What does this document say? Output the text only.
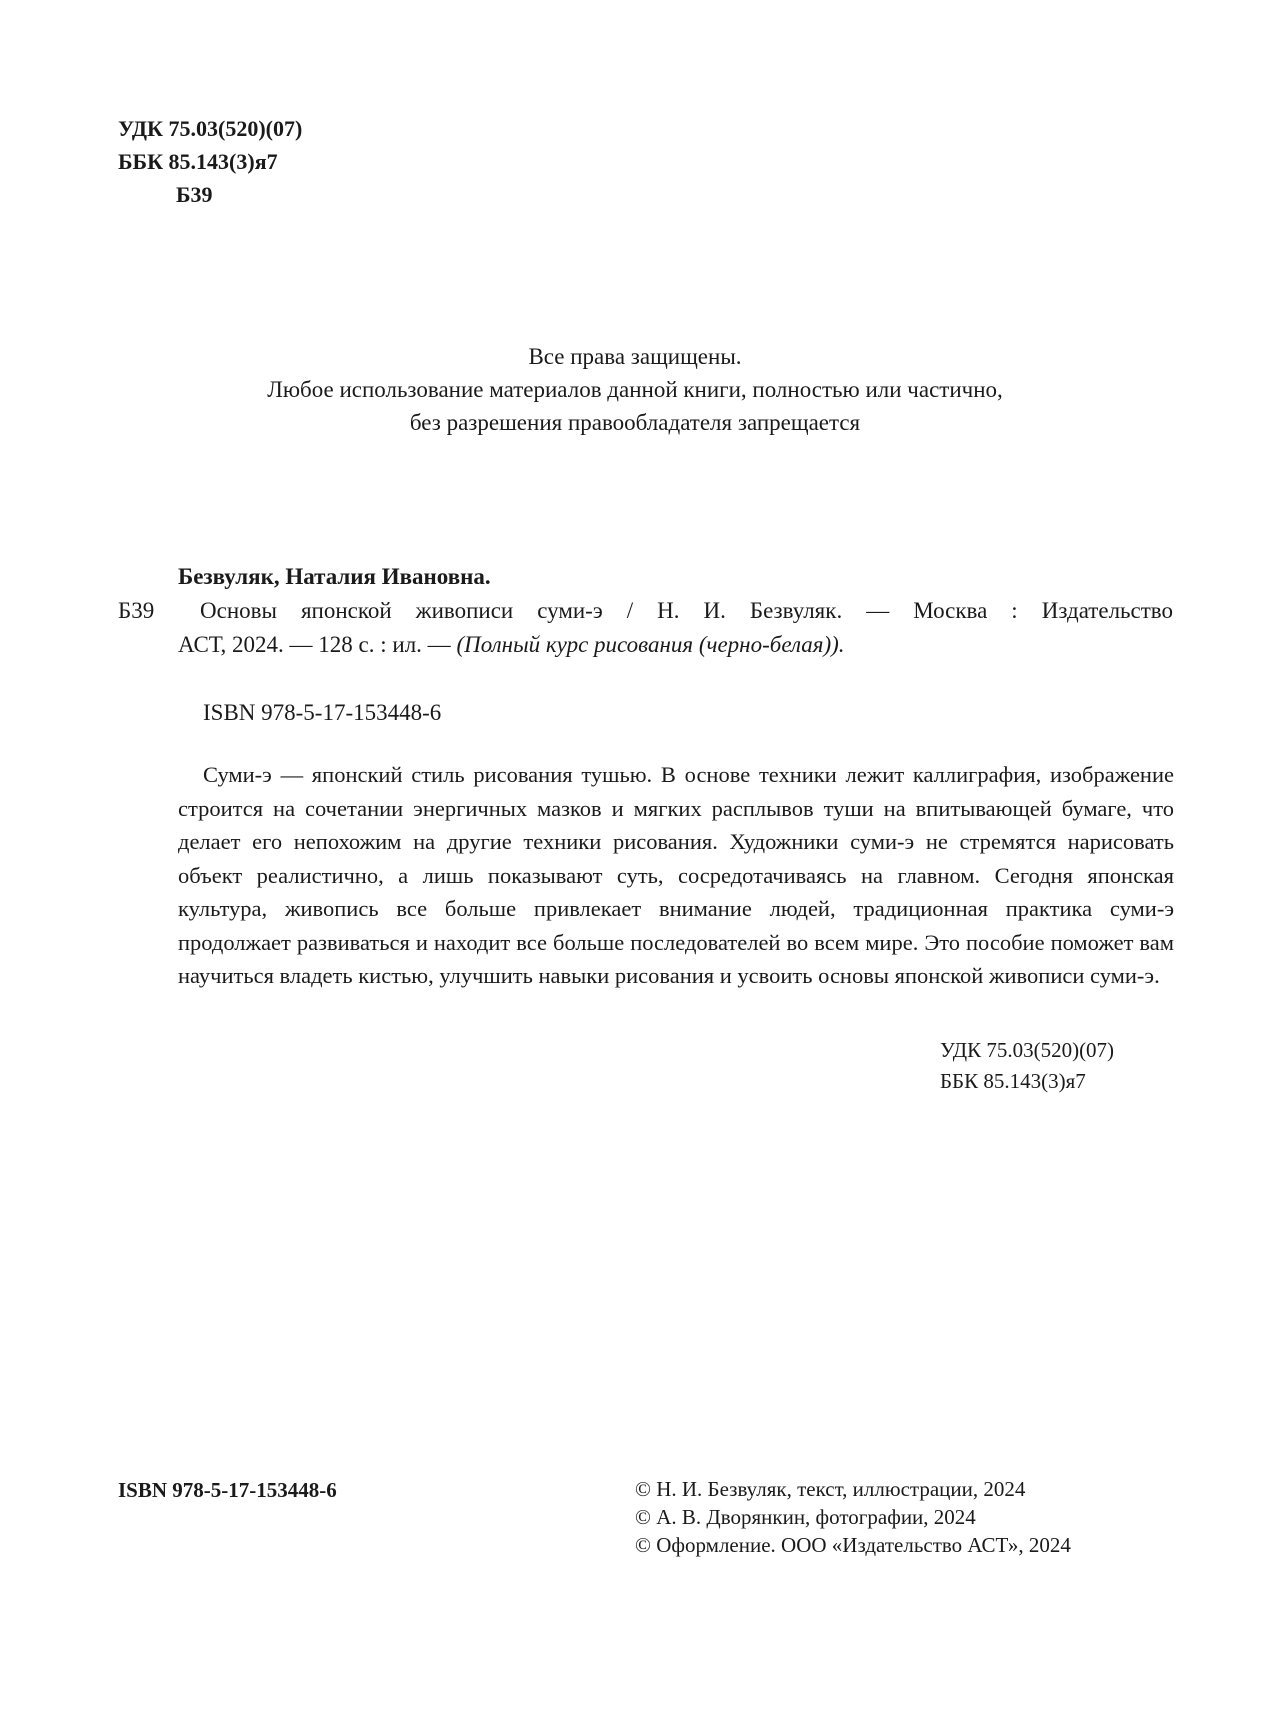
УДК 75.03(520)(07)
ББК 85.143(3)я7
Б39
Все права защищены.
Любое использование материалов данной книги, полностью или частично,
без разрешения правообладателя запрещается
Безвуляк, Наталия Ивановна.
Б39	Основы японской живописи суми-э / Н. И. Безвуляк. — Москва : Издательство
АСТ, 2024. — 128 с. : ил. — (Полный курс рисования (черно-белая)).
ISBN 978-5-17-153448-6
Суми-э — японский стиль рисования тушью. В основе техники лежит каллиграфия, изображение строится на сочетании энергичных мазков и мягких расплывов туши на впитывающей бумаге, что делает его непохожим на другие техники рисования. Художники суми-э не стремятся нарисовать объект реалистично, а лишь показывают суть, сосредотачиваясь на главном. Сегодня японская культура, живопись все больше привлекает внимание людей, традиционная практика суми-э продолжает развиваться и находит все больше последователей во всем мире. Это пособие поможет вам научиться владеть кистью, улучшить навыки рисования и усвоить основы японской живописи суми-э.
УДК 75.03(520)(07)
ББК 85.143(3)я7
ISBN 978-5-17-153448-6	© Н. И. Безвуляк, текст, иллюстрации, 2024
© А. В. Дворянкин, фотографии, 2024
© Оформление. ООО «Издательство АСТ», 2024
